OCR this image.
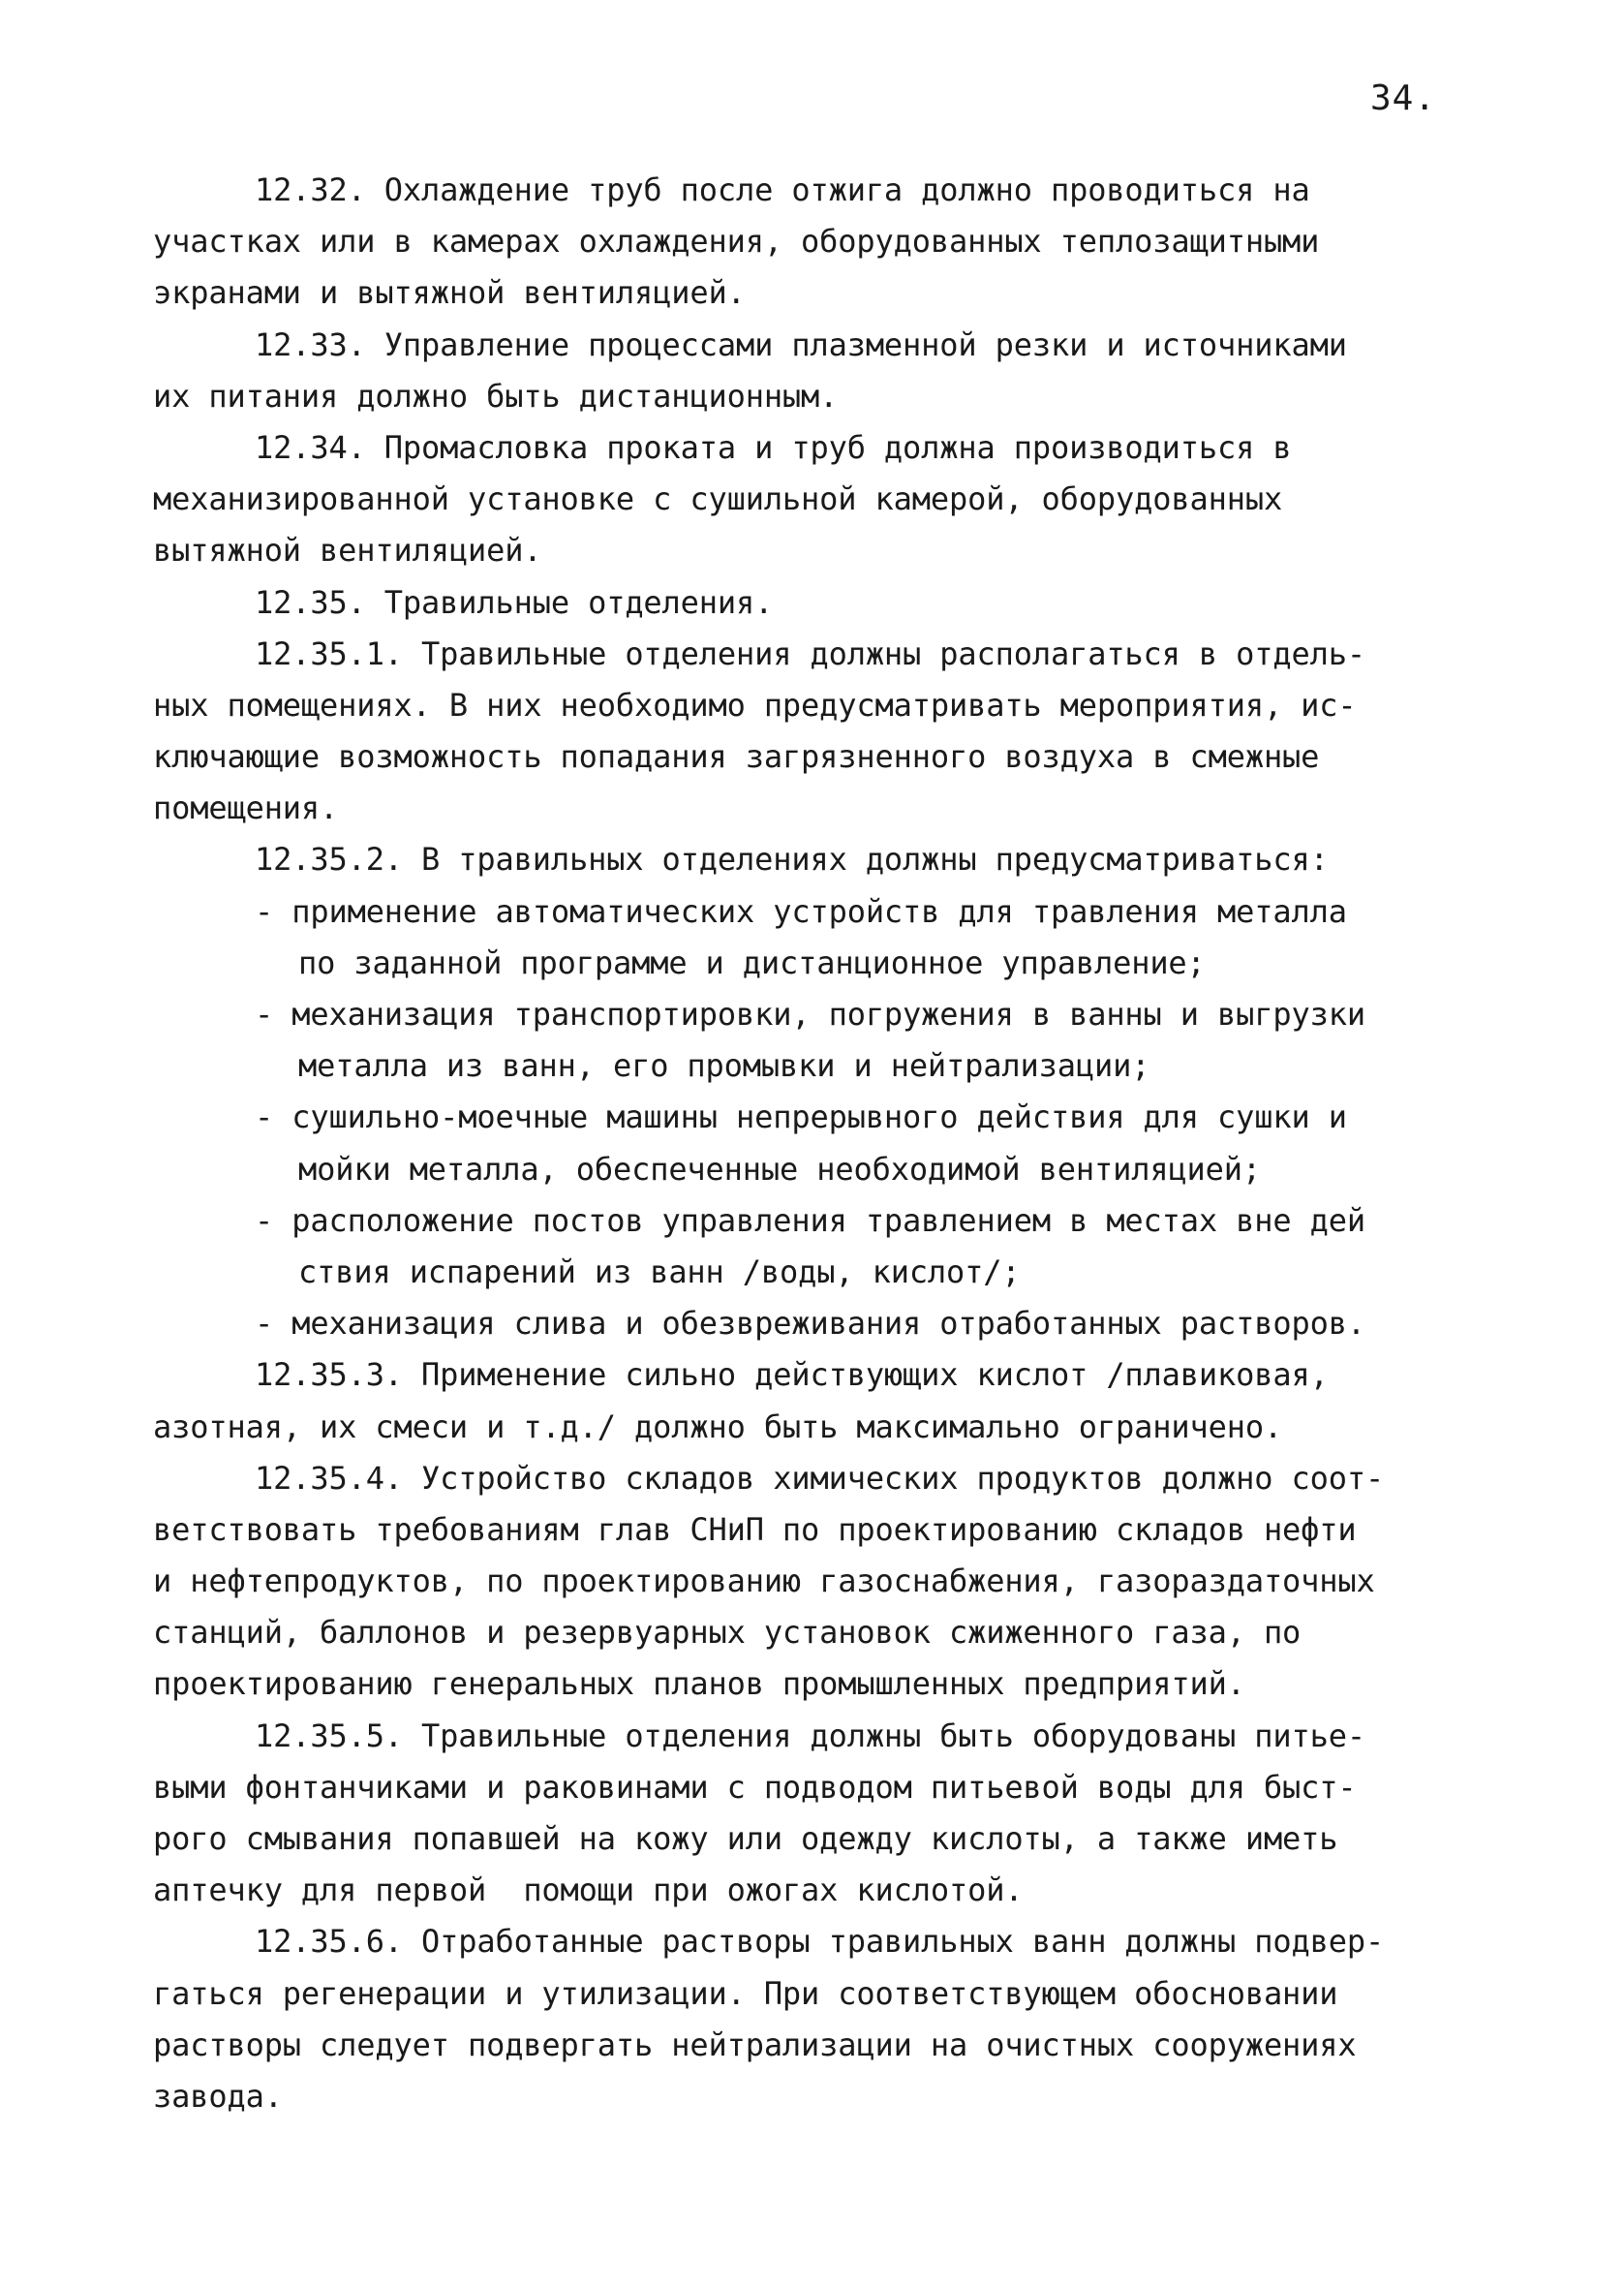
34.
12.32. Охлаждение труб после отжига должно проводиться на
участках или в камерах охлаждения, оборудованных теплозащитными
экранами и вытяжной вентиляцией.
12.33. Управление процессами плазменной резки и источниками
их питания должно быть дистанционным.
12.34. Промасловка проката и труб должна производиться в
механизированной установке с сушильной камерой, оборудованных
вытяжной вентиляцией.
12.35. Травильные отделения.
12.35.1. Травильные отделения должны располагаться в отдель-
ных помещениях. В них необходимо предусматривать мероприятия, ис-
ключающие возможность попадания загрязненного воздуха в смежные
помещения.
12.35.2. В травильных отделениях должны предусматриваться:
- применение автоматических устройств для травления металла
по заданной программе и дистанционное управление;
- механизация транспортировки, погружения в ванны и выгрузки
металла из ванн, его промывки и нейтрализации;
- сушильно-моечные машины непрерывного действия для сушки и
мойки металла, обеспеченные необходимой вентиляцией;
- расположение постов управления травлением в местах вне дей
ствия испарений из ванн /воды, кислот/;
- механизация слива и обезвреживания отработанных растворов.
12.35.3. Применение сильно действующих кислот /плавиковая,
азотная, их смеси и т.д./ должно быть максимально ограничено.
12.35.4. Устройство складов химических продуктов должно соот-
ветствовать требованиям глав СНиП по проектированию складов нефти
и нефтепродуктов, по проектированию газоснабжения, газораздаточных
станций, баллонов и резервуарных установок сжиженного газа, по
проектированию генеральных планов промышленных предприятий.
12.35.5. Травильные отделения должны быть оборудованы питье-
выми фонтанчиками и раковинами с подводом питьевой воды для быст-
рого смывания попавшей на кожу или одежду кислоты, а также иметь
аптечку для первой  помощи при ожогах кислотой.
12.35.6. Отработанные растворы травильных ванн должны подвер-
гаться регенерации и утилизации. При соответствующем обосновании
растворы следует подвергать нейтрализации на очистных сооружениях
завода.
